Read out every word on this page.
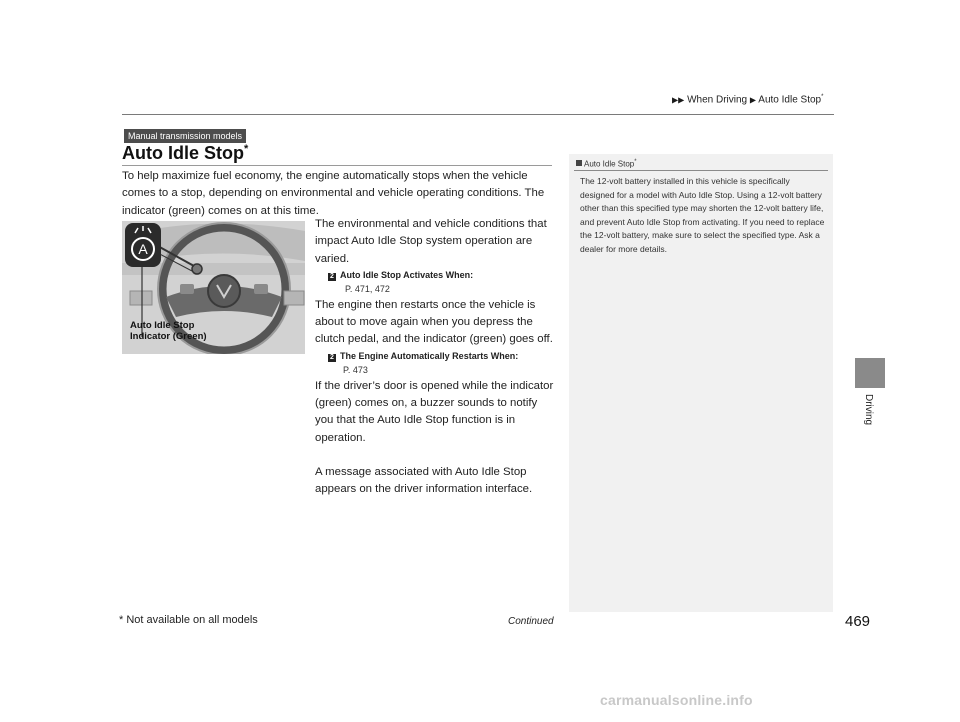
▶▶ When Driving ▶ Auto Idle Stop*
Manual transmission models
Auto Idle Stop*
To help maximize fuel economy, the engine automatically stops when the vehicle comes to a stop, depending on environmental and vehicle operating conditions. The indicator (green) comes on at this time.
A
Auto Idle Stop
Indicator (Green)
The environmental and vehicle conditions that impact Auto Idle Stop system operation are varied.
2 Auto Idle Stop Activates When:
P. 471, 472
The engine then restarts once the vehicle is about to move again when you depress the clutch pedal, and the indicator (green) goes off.
2 The Engine Automatically Restarts When:
P. 473
If the driver’s door is opened while the indicator (green) comes on, a buzzer sounds to notify you that the Auto Idle Stop function is in operation.
A message associated with Auto Idle Stop appears on the driver information interface.
Auto Idle Stop*
The 12-volt battery installed in this vehicle is specifically designed for a model with Auto Idle Stop. Using a 12-volt battery other than this specified type may shorten the 12-volt battery life, and prevent Auto Idle Stop from activating. If you need to replace the 12-volt battery, make sure to select the specified type. Ask a dealer for more details.
Driving
* Not available on all models	Continued	469
carmanualsonline.info
